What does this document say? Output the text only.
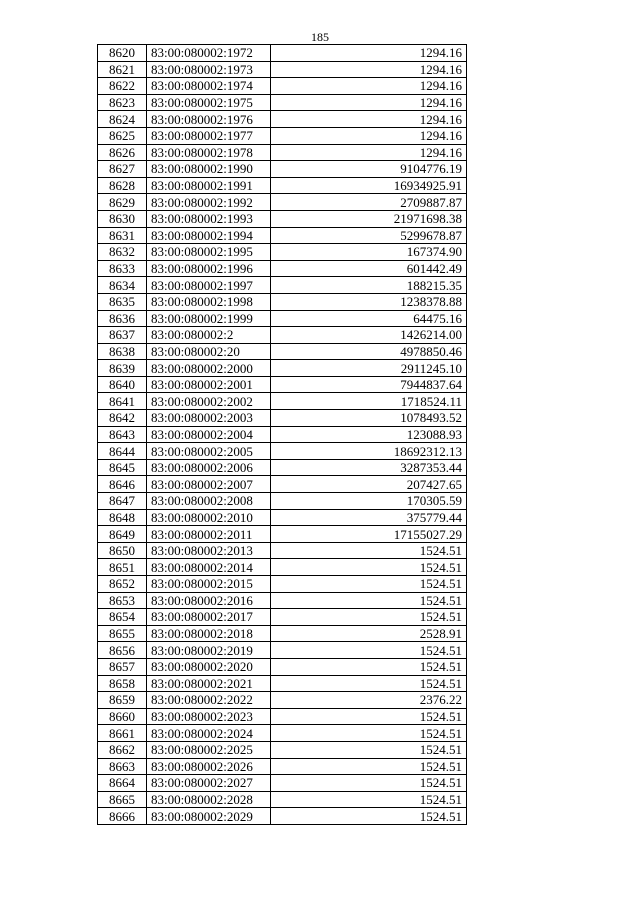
185
8620	83:00:080002:1972	1294.16
8621	83:00:080002:1973	1294.16
8622	83:00:080002:1974	1294.16
8623	83:00:080002:1975	1294.16
8624	83:00:080002:1976	1294.16
8625	83:00:080002:1977	1294.16
8626	83:00:080002:1978	1294.16
8627	83:00:080002:1990	9104776.19
8628	83:00:080002:1991	16934925.91
8629	83:00:080002:1992	2709887.87
8630	83:00:080002:1993	21971698.38
8631	83:00:080002:1994	5299678.87
8632	83:00:080002:1995	167374.90
8633	83:00:080002:1996	601442.49
8634	83:00:080002:1997	188215.35
8635	83:00:080002:1998	1238378.88
8636	83:00:080002:1999	64475.16
8637	83:00:080002:2	1426214.00
8638	83:00:080002:20	4978850.46
8639	83:00:080002:2000	2911245.10
8640	83:00:080002:2001	7944837.64
8641	83:00:080002:2002	1718524.11
8642	83:00:080002:2003	1078493.52
8643	83:00:080002:2004	123088.93
8644	83:00:080002:2005	18692312.13
8645	83:00:080002:2006	3287353.44
8646	83:00:080002:2007	207427.65
8647	83:00:080002:2008	170305.59
8648	83:00:080002:2010	375779.44
8649	83:00:080002:2011	17155027.29
8650	83:00:080002:2013	1524.51
8651	83:00:080002:2014	1524.51
8652	83:00:080002:2015	1524.51
8653	83:00:080002:2016	1524.51
8654	83:00:080002:2017	1524.51
8655	83:00:080002:2018	2528.91
8656	83:00:080002:2019	1524.51
8657	83:00:080002:2020	1524.51
8658	83:00:080002:2021	1524.51
8659	83:00:080002:2022	2376.22
8660	83:00:080002:2023	1524.51
8661	83:00:080002:2024	1524.51
8662	83:00:080002:2025	1524.51
8663	83:00:080002:2026	1524.51
8664	83:00:080002:2027	1524.51
8665	83:00:080002:2028	1524.51
8666	83:00:080002:2029	1524.51
